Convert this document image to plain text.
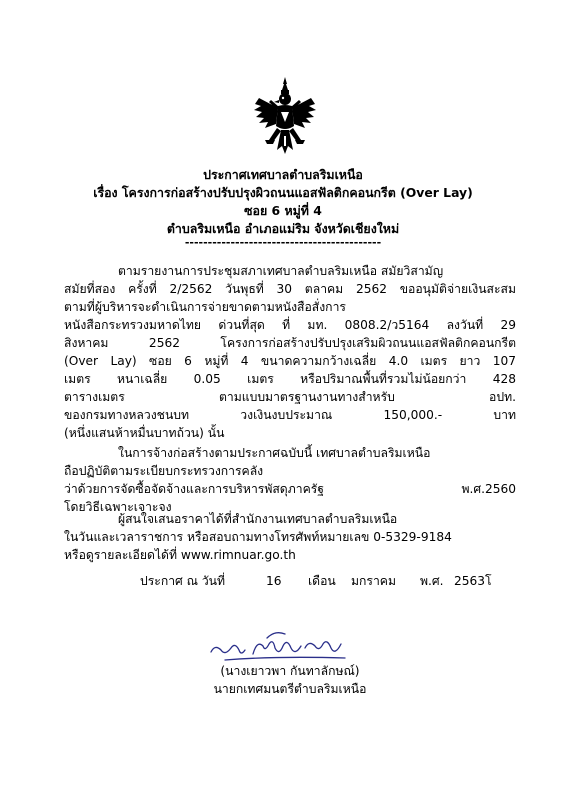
ประกาศเทศบาลตำบลริมเหนือ
เรื่อง โครงการก่อสร้างปรับปรุงผิวถนนแอสฟัลติกคอนกรีต (Over Lay)
ซอย 6 หมู่ที่ 4
ตำบลริมเหนือ อำเภอแม่ริม จังหวัดเชียงใหม่
-------------------------------------------
ตามรายงานการประชุมสภาเทศบาลตำบลริมเหนือ สมัยวิสามัญ
สมัยที่สอง ครั้งที่ 2/2562 วันพุธที่ 30 ตลาคม 2562 ขออนุมัติจ่ายเงินสะสม
ตามที่ผู้บริหารจะดำเนินการจ่ายขาดตามหนังสือสั่งการ
หนังสือกระทรวงมหาดไทย ด่วนที่สุด ที่ มท. 0808.2/ว5164 ลงวันที่ 29
สิงหาคม 2562 โครงการก่อสร้างปรับปรุงเสริมผิวถนนแอสฟัลติกคอนกรีต
(Over Lay) ซอย 6 หมู่ที่ 4 ขนาดความกว้างเฉลี่ย 4.0 เมตร ยาว 107
เมตร หนาเฉลี่ย 0.05 เมตร หรือปริมาณพื้นที่รวมไม่น้อยกว่า 428
ตารางเมตร ตามแบบมาตรฐานงานทางสำหรับ อปท.
ของกรมทางหลวงชนบท วงเงินงบประมาณ 150,000.- บาท
(หนึ่งแสนห้าหมื่นบาทถ้วน) นั้น
ในการจ้างก่อสร้างตามประกาศฉบับนี้ เทศบาลตำบลริมเหนือ
ถือปฏิบัติตามระเบียบกระทรวงการคลัง
ว่าด้วยการจัดซื้อจัดจ้างและการบริหารพัสดุภาครัฐ พ.ศ.2560
โดยวิธีเฉพาะเจาะจง
ผู้สนใจเสนอราคาได้ที่สำนักงานเทศบาลตำบลริมเหนือ
ในวันและเวลาราชการ หรือสอบถามทางโทรศัพท์หมายเลข 0-5329-9184
หรือดูรายละเอียดได้ที่ www.rimnuar.go.th
ประกาศ ณ วันที่	16 เดือน มกราคม พ.ศ. 2563โ
(นางเยาวพา กันทาลักษณ์)
นายกเทศมนตรีตำบลริมเหนือ
